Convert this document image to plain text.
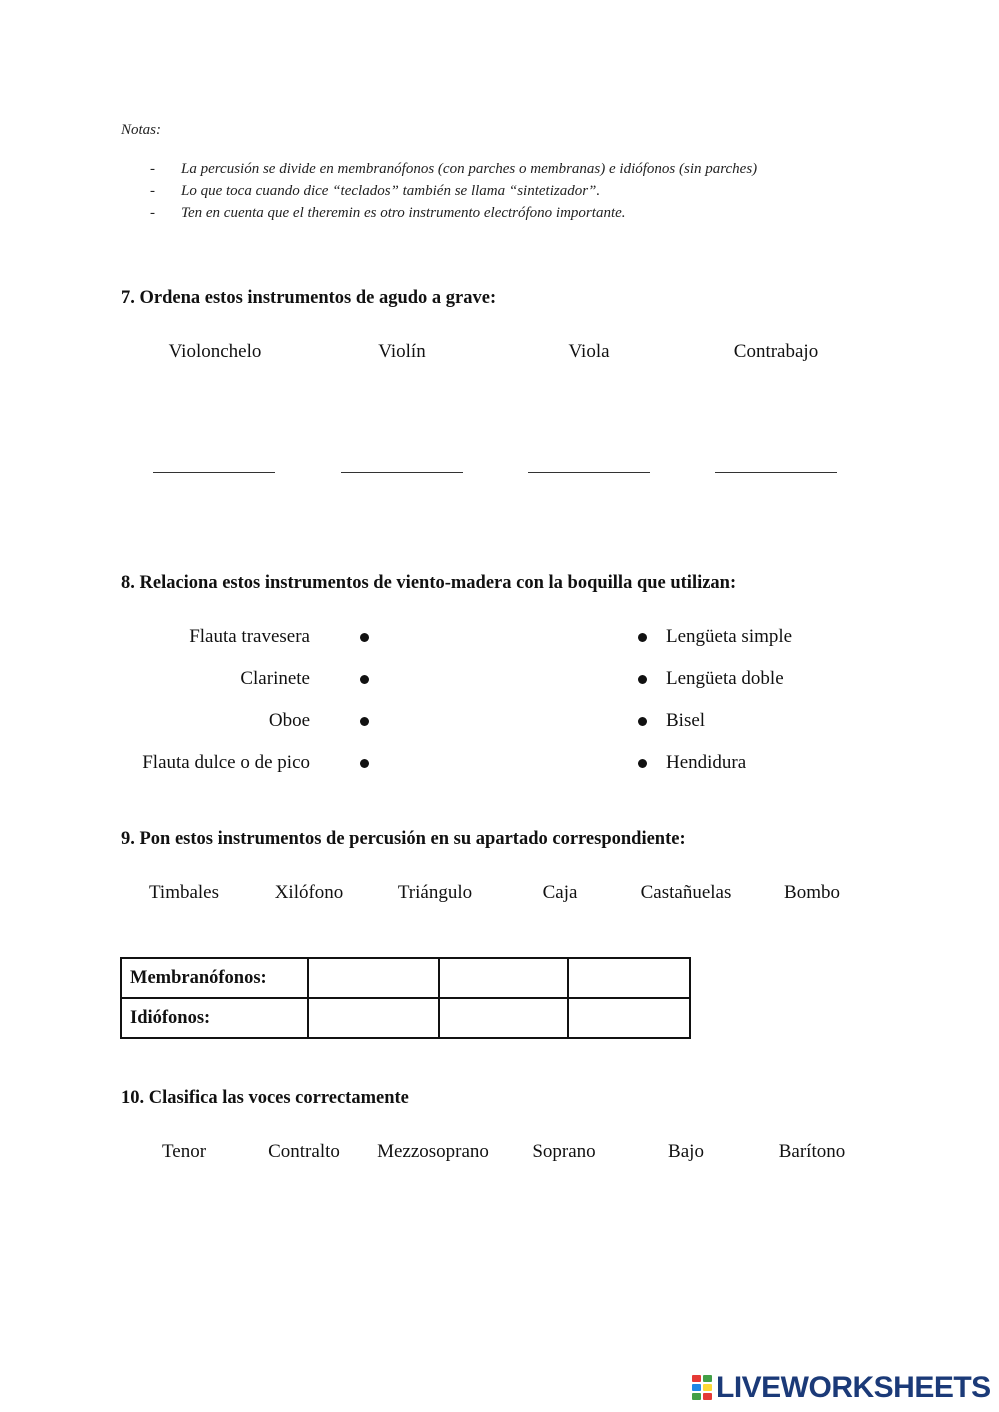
Notas:
- La percusión se divide en membranófonos (con parches o membranas) e idiófonos (sin parches)
- Lo que toca cuando dice “teclados” también se llama “sintetizador”.
- Ten en cuenta que el theremin es otro instrumento electrófono importante.
7. Ordena estos instrumentos de agudo a grave:
Violonchelo	Violín	Viola	Contrabajo
8. Relaciona estos instrumentos de viento-madera con la boquilla que utilizan:
Flauta travesera
Clarinete
Oboe
Flauta dulce o de pico
Lengüeta simple
Lengüeta doble
Bisel
Hendidura
9. Pon estos instrumentos de percusión en su apartado correspondiente:
Timbales	Xilófono	Triángulo	Caja	Castañuelas	Bombo
Membranófonos:			
Idiófonos:			
10. Clasifica las voces correctamente
Tenor	Contralto Mezzosoprano Soprano	Bajo	Barítono
LIVEWORKSHEETS
